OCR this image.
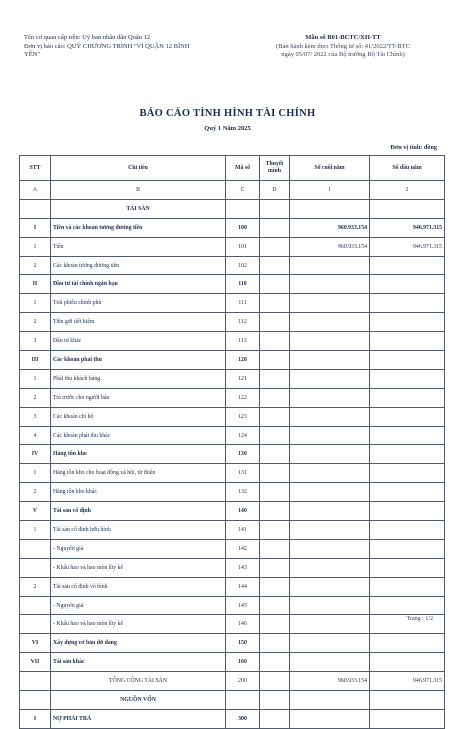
Tên cơ quan cấp trên: Uỷ ban nhân dân Quận 12
Đơn vị báo cáo: QUỸ CHƯƠNG TRÌNH "VÌ QUẬN 12 BÌNH
YÊN"
Mẫu số B01-BCTC/XH-TT
(Ban hành kèm theo Thông tư số: 41/2022/TT-BTC
ngày 05/07/ 2022 của Bộ trưởng Bộ Tài Chính)
BÁO CÁO TÌNH HÌNH TÀI CHÍNH
Quý 1 Năm 2025
Đơn vị tính: đồng
STT	Chỉ tiêu	Mã số	Thuyết minh	Số cuối năm	Số đầu năm
A	B	C	D	1	2
	TÀI SẢN				
I	Tiền và các khoản tương đương tiền	100		960.933.154	946.971.315
1	Tiền	101		960.933.154	946.971.315
2	Các khoản tương đương tiền	102			
II	Đầu tư tài chính ngắn hạn	110			
1	Trái phiếu chính phủ	111			
2	Tiền gửi tiết kiệm	112			
3	Đầu tư khác	113			
III	Các khoản phải thu	120			
1	Phải thu khách hàng	121			
2	Trả trước cho người bán	122			
3	Các khoản chi hộ	123			
4	Các khoản phải thu khác	124			
IV	Hàng tồn kho	130			
1	Hàng tồn kho cho hoạt động xã hội, từ thiện	131			
2	Hàng tồn kho khác	132			
V	Tài sản cố định	140			
1	Tài sản cố định hữu hình	141			
	- Nguyên giá	142			
	- Khấu hao và hao mòn lũy kế	143			
2	Tài sản cố định vô hình	144			
	- Nguyên giá	145			
	- Khấu hao và hao mòn lũy kế	146			
VI	Xây dựng cơ bản dở dang	150			
VII	Tài sản khác	160			
	TỔNG CỘNG TÀI SẢN	200		960.933.154	946.971.315
	NGUỒN VỐN				
I	NỢ PHẢI TRẢ	300			
Trang : 1/2
